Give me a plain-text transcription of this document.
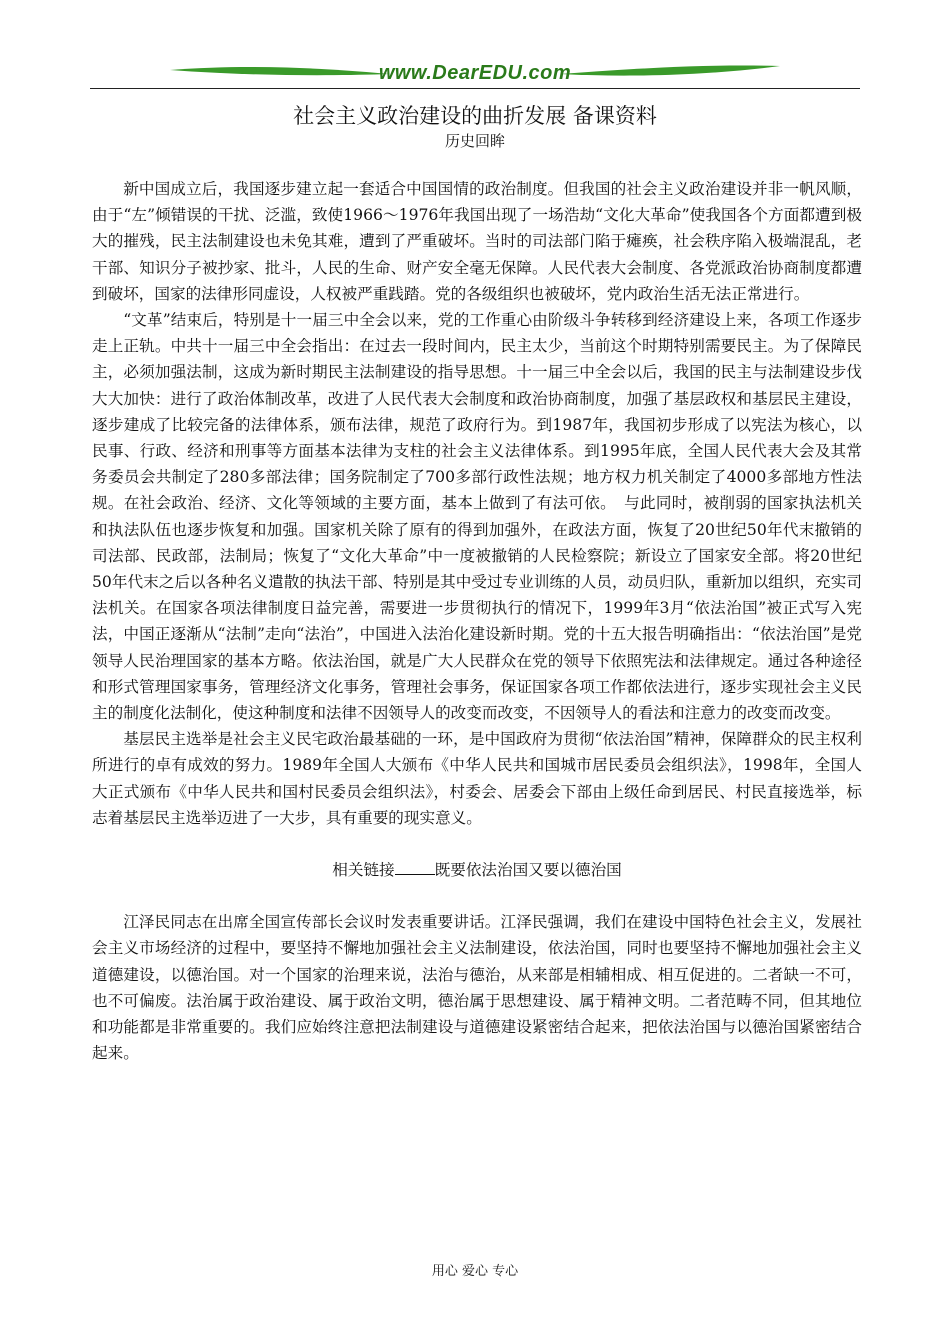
www.DearEDU.com
社会主义政治建设的曲折发展 备课资料
历史回眸

新中国成立后，我国逐步建立起一套适合中国国情的政治制度。但我国的社会主义政治建设并非一帆风顺，由于“左”倾错误的干扰、泛滥，致使1966～1976年我国出现了一场浩劫“文化大革命”使我国各个方面都遭到极大的摧残，民主法制建设也未免其难，遭到了严重破坏。当时的司法部门陷于瘫痪，社会秩序陷入极端混乱，老干部、知识分子被抄家、批斗，人民的生命、财产安全毫无保障。人民代表大会制度、各党派政治协商制度都遭到破坏，国家的法律形同虚设，人权被严重践踏。党的各级组织也被破坏，党内政治生活无法正常进行。

“文革”结束后，特别是十一届三中全会以来，党的工作重心由阶级斗争转移到经济建设上来，各项工作逐步走上正轨。中共十一届三中全会指出：在过去一段时间内，民主太少，当前这个时期特别需要民主。为了保障民主，必须加强法制，这成为新时期民主法制建设的指导思想。十一届三中全会以后，我国的民主与法制建设步伐大大加快：进行了政治体制改革，改进了人民代表大会制度和政治协商制度，加强了基层政权和基层民主建设，逐步建成了比较完备的法律体系，颁布法律，规范了政府行为。到1987年，我国初步形成了以宪法为核心，以民事、行政、经济和刑事等方面基本法律为支柱的社会主义法律体系。到1995年底，全国人民代表大会及其常务委员会共制定了280多部法律；国务院制定了700多部行政性法规；地方权力机关制定了4000多部地方性法规。在社会政治、经济、文化等领域的主要方面，基本上做到了有法可依。　与此同时，被削弱的国家执法机关和执法队伍也逐步恢复和加强。国家机关除了原有的得到加强外，在政法方面，恢复了20世纪50年代末撤销的司法部、民政部，法制局；恢复了“文化大革命”中一度被撤销的人民检察院；新设立了国家安全部。将20世纪50年代末之后以各种名义遣散的执法干部、特别是其中受过专业训练的人员，动员归队，重新加以组织，充实司法机关。在国家各项法律制度日益完善，需要进一步贯彻执行的情况下，1999年3月“依法治国”被正式写入宪法，中国正逐渐从“法制”走向“法治”，中国进入法治化建设新时期。党的十五大报告明确指出：“依法治国”是党领导人民治理国家的基本方略。依法治国，就是广大人民群众在党的领导下依照宪法和法律规定。通过各种途径和形式管理国家事务，管理经济文化事务，管理社会事务，保证国家各项工作都依法进行，逐步实现社会主义民主的制度化法制化，使这种制度和法律不因领导人的改变而改变，不因领导人的看法和注意力的改变而改变。

基层民主选举是社会主义民宅政治最基础的一环，是中国政府为贯彻“依法治国”精神，保障群众的民主权利所进行的卓有成效的努力。1989年全国人大颁布《中华人民共和国城市居民委员会组织法》，1998年，全国人大正式颁布《中华人民共和国村民委员会组织法》，村委会、居委会下部由上级任命到居民、村民直接选举，标志着基层民主选举迈进了一大步，具有重要的现实意义。

相关链接	既要依法治国又要以德治国

江泽民同志在出席全国宣传部长会议时发表重要讲话。江泽民强调，我们在建设中国特色社会主义，发展社会主义市场经济的过程中，要坚持不懈地加强社会主义法制建设，依法治国，同时也要坚持不懈地加强社会主义道德建设，以德治国。对一个国家的治理来说，法治与德治，从来部是相辅相成、相互促进的。二者缺一不可，也不可偏废。法治属于政治建设、属于政治文明，德治属于思想建设、属于精神文明。二者范畴不同，但其地位和功能都是非常重要的。我们应始终注意把法制建设与道德建设紧密结合起来，把依法治国与以德治国紧密结合起来。

用心 爱心 专心
